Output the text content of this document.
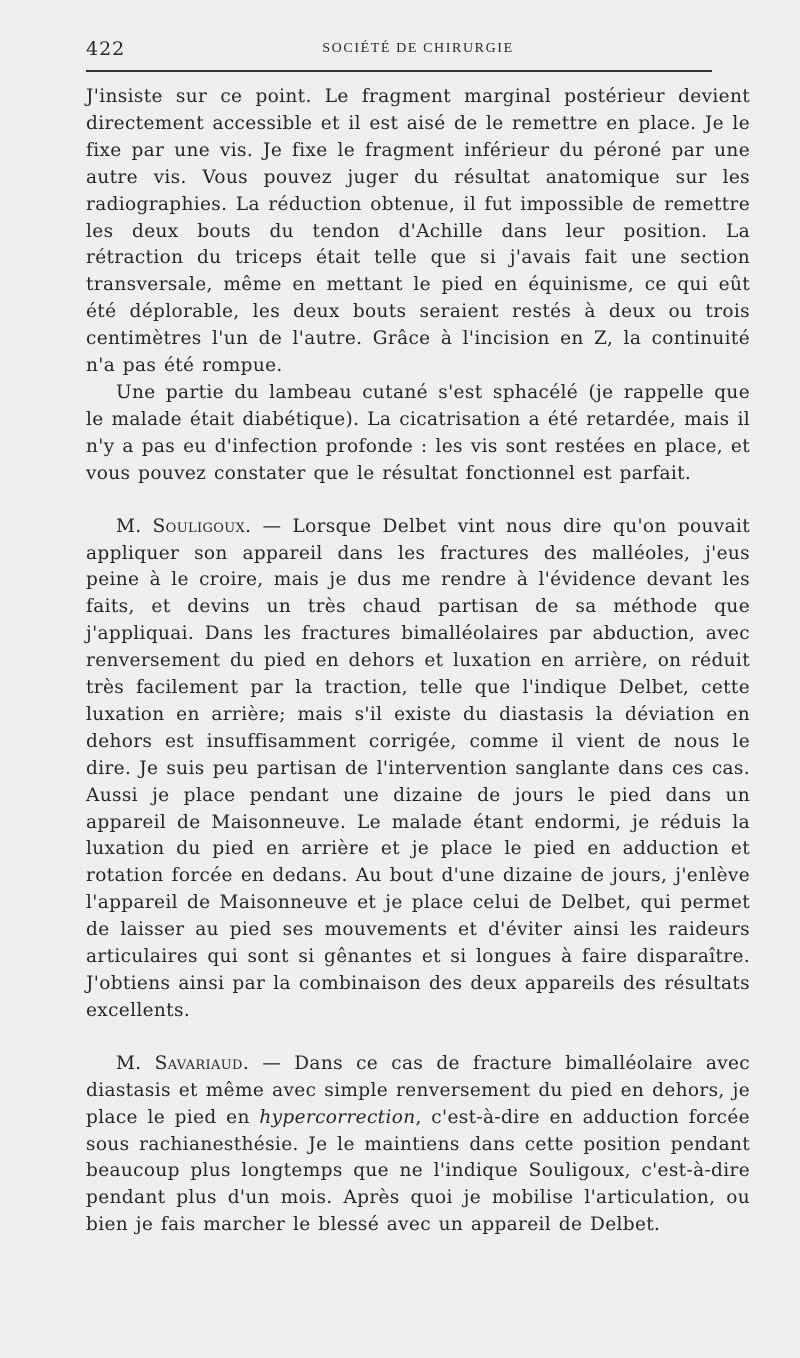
422	SOCIÉTÉ DE CHIRURGIE

J'insiste sur ce point. Le fragment marginal postérieur devient directement accessible et il est aisé de le remettre en place. Je le fixe par une vis. Je fixe le fragment inférieur du péroné par une autre vis. Vous pouvez juger du résultat anatomique sur les radiographies. La réduction obtenue, il fut impossible de remettre les deux bouts du tendon d'Achille dans leur position. La rétraction du triceps était telle que si j'avais fait une section transversale, même en mettant le pied en équinisme, ce qui eût été déplorable, les deux bouts seraient restés à deux ou trois centimètres l'un de l'autre. Grâce à l'incision en Z, la continuité n'a pas été rompue.

Une partie du lambeau cutané s'est sphacélé (je rappelle que le malade était diabétique). La cicatrisation a été retardée, mais il n'y a pas eu d'infection profonde : les vis sont restées en place, et vous pouvez constater que le résultat fonctionnel est parfait.

M. Souligoux. — Lorsque Delbet vint nous dire qu'on pouvait appliquer son appareil dans les fractures des malléoles, j'eus peine à le croire, mais je dus me rendre à l'évidence devant les faits, et devins un très chaud partisan de sa méthode que j'appliquai. Dans les fractures bimalléolaires par abduction, avec renversement du pied en dehors et luxation en arrière, on réduit très facilement par la traction, telle que l'indique Delbet, cette luxation en arrière; mais s'il existe du diastasis la déviation en dehors est insuffisamment corrigée, comme il vient de nous le dire. Je suis peu partisan de l'intervention sanglante dans ces cas. Aussi je place pendant une dizaine de jours le pied dans un appareil de Maisonneuve. Le malade étant endormi, je réduis la luxation du pied en arrière et je place le pied en adduction et rotation forcée en dedans. Au bout d'une dizaine de jours, j'enlève l'appareil de Maisonneuve et je place celui de Delbet, qui permet de laisser au pied ses mouvements et d'éviter ainsi les raideurs articulaires qui sont si gênantes et si longues à faire disparaître. J'obtiens ainsi par la combinaison des deux appareils des résultats excellents.

M. Savariaud. — Dans ce cas de fracture bimalléolaire avec diastasis et même avec simple renversement du pied en dehors, je place le pied en hypercorrection, c'est-à-dire en adduction forcée sous rachianesthésie. Je le maintiens dans cette position pendant beaucoup plus longtemps que ne l'indique Souligoux, c'est-à-dire pendant plus d'un mois. Après quoi je mobilise l'articulation, ou bien je fais marcher le blessé avec un appareil de Delbet.
